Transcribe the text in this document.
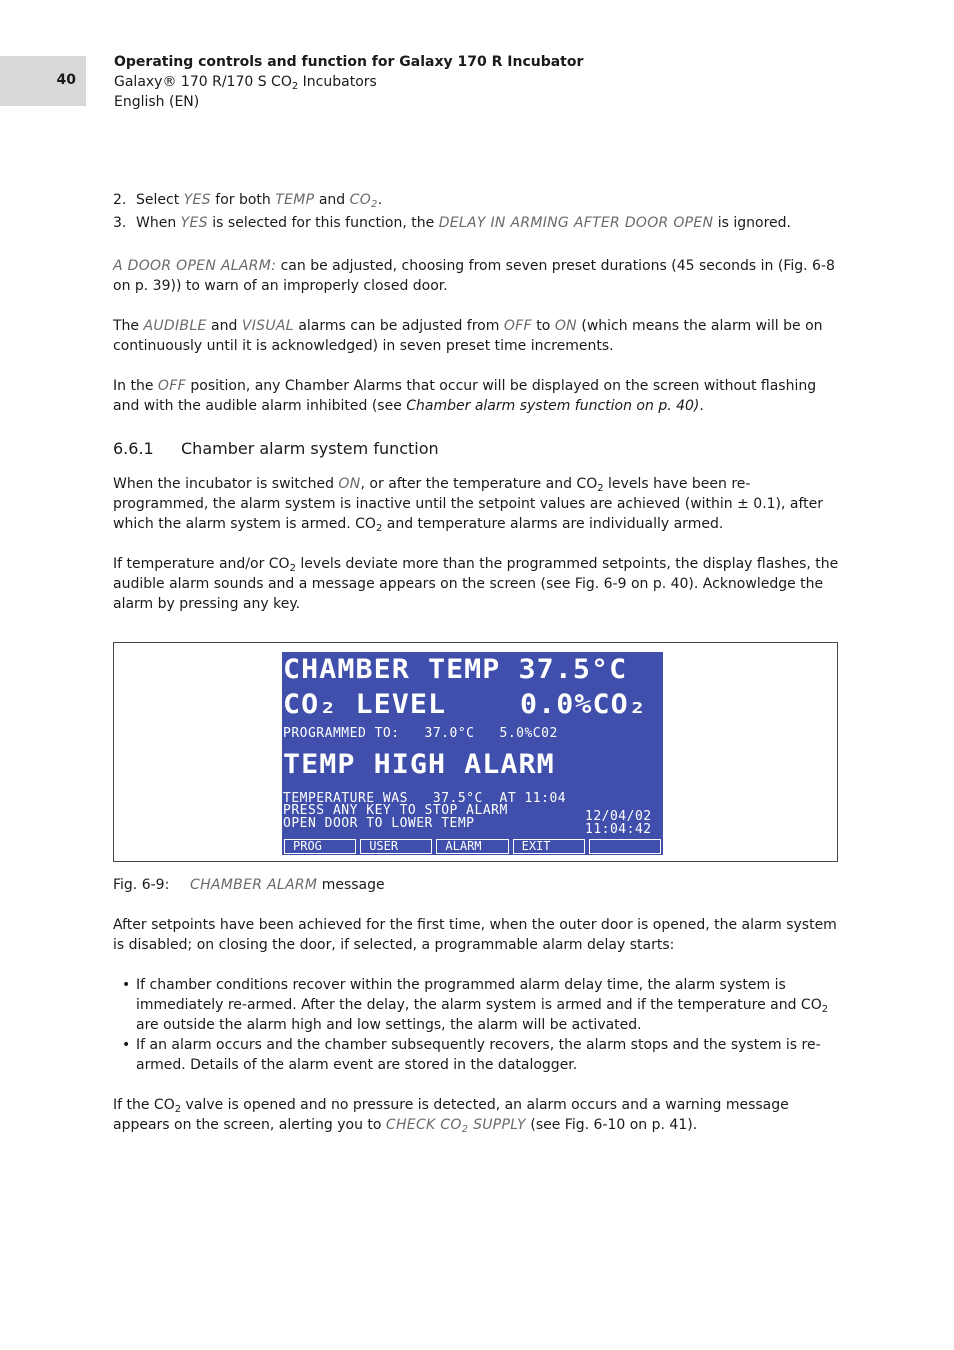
40
Operating controls and function for Galaxy 170 R Incubator
Galaxy® 170 R/170 S $CO_2$ Incubators
English (EN)
2. Select YES for both TEMP and $CO_2$.
3. When YES is selected for this function, the DELAY IN ARMING AFTER DOOR OPEN is ignored.

A DOOR OPEN ALARM: can be adjusted, choosing from seven preset durations (45 seconds in (Fig. 6-8 on p. 39)) to warn of an improperly closed door.

The AUDIBLE and VISUAL alarms can be adjusted from OFF to ON (which means the alarm will be on continuously until it is acknowledged) in seven preset time increments.

In the OFF position, any Chamber Alarms that occur will be displayed on the screen without flashing and with the audible alarm inhibited (see Chamber alarm system function on p. 40).

6.6.1 Chamber alarm system function

When the incubator is switched ON, or after the temperature and $CO_2$ levels have been re-programmed, the alarm system is inactive until the setpoint values are achieved (within ± 0.1), after which the alarm system is armed. $CO_2$ and temperature alarms are individually armed.

If temperature and/or $CO_2$ levels deviate more than the programmed setpoints, the display flashes, the audible alarm sounds and a message appears on the screen (see Fig. 6-9 on p. 40). Acknowledge the alarm by pressing any key.

CHAMBER TEMP 37.5°C
CO₂ LEVEL	0.0%CO₂
PROGRAMMED TO:   37.0°C   5.0%C02
TEMP HIGH ALARM
TEMPERATURE WAS   37.5°C  AT 11:04
PRESS ANY KEY TO STOP ALARM
OPEN DOOR TO LOWER TEMP	12/04/02
11:04:42
PROG	USER	ALARM	EXIT
Fig. 6-9: CHAMBER ALARM message

After setpoints have been achieved for the first time, when the outer door is opened, the alarm system is disabled; on closing the door, if selected, a programmable alarm delay starts:

• If chamber conditions recover within the programmed alarm delay time, the alarm system is immediately re-armed. After the delay, the alarm system is armed and if the temperature and $CO_2$ are outside the alarm high and low settings, the alarm will be activated.
• If an alarm occurs and the chamber subsequently recovers, the alarm stops and the system is re-armed. Details of the alarm event are stored in the datalogger.

If the $CO_2$ valve is opened and no pressure is detected, an alarm occurs and a warning message appears on the screen, alerting you to CHECK $CO_2$ SUPPLY (see Fig. 6-10 on p. 41).
